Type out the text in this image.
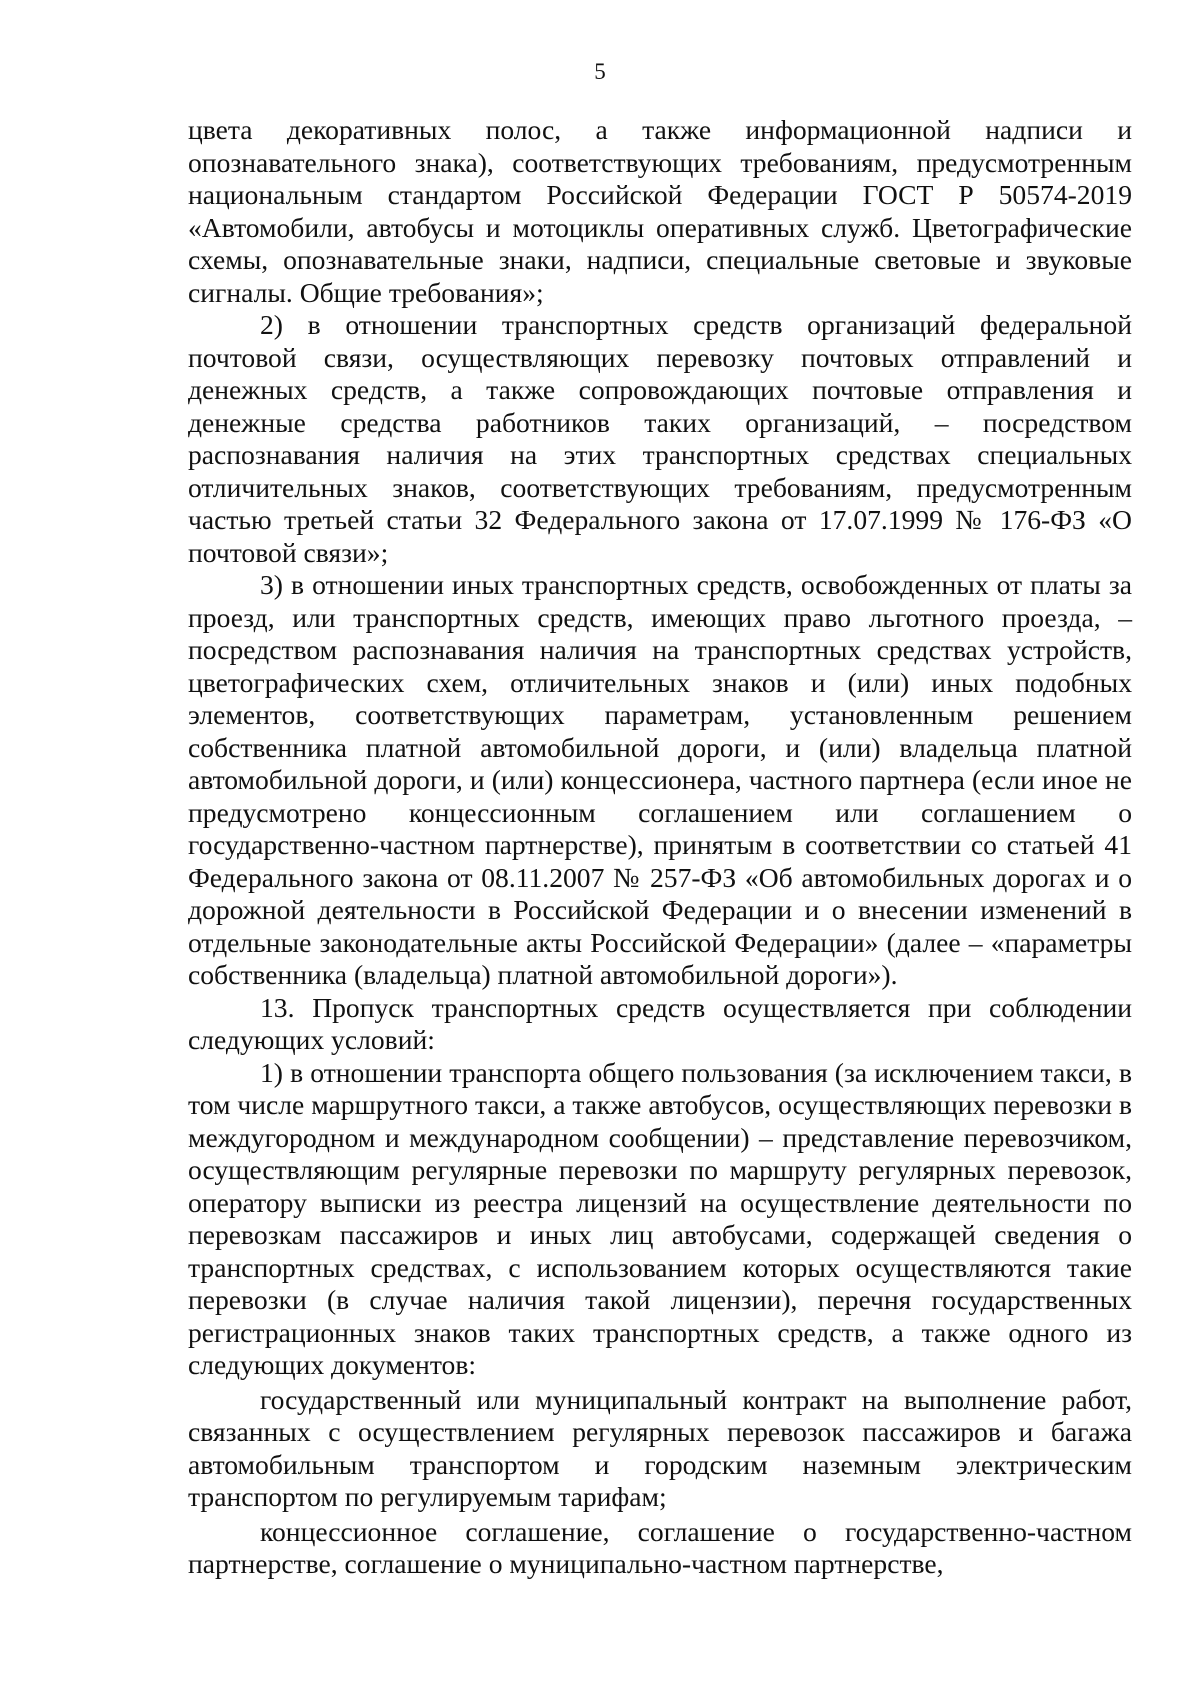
5

цвета декоративных полос, а также информационной надписи и опознавательного знака), соответствующих требованиям, предусмотренным национальным стандартом Российской Федерации ГОСТ Р 50574-2019 «Автомобили, автобусы и мотоциклы оперативных служб. Цветографические схемы, опознавательные знаки, надписи, специальные световые и звуковые сигналы. Общие требования»;

2) в отношении транспортных средств организаций федеральной почтовой связи, осуществляющих перевозку почтовых отправлений и денежных средств, а также сопровождающих почтовые отправления и денежные средства работников таких организаций, – посредством распознавания наличия на этих транспортных средствах специальных отличительных знаков, соответствующих требованиям, предусмотренным частью третьей статьи 32 Федерального закона от 17.07.1999 № 176-ФЗ «О почтовой связи»;

3) в отношении иных транспортных средств, освобожденных от платы за проезд, или транспортных средств, имеющих право льготного проезда, – посредством распознавания наличия на транспортных средствах устройств, цветографических схем, отличительных знаков и (или) иных подобных элементов, соответствующих параметрам, установленным решением собственника платной автомобильной дороги, и (или) владельца платной автомобильной дороги, и (или) концессионера, частного партнера (если иное не предусмотрено концессионным соглашением или соглашением о государственно-частном партнерстве), принятым в соответствии со статьей 41 Федерального закона от 08.11.2007 № 257-ФЗ «Об автомобильных дорогах и о дорожной деятельности в Российской Федерации и о внесении изменений в отдельные законодательные акты Российской Федерации» (далее – «параметры собственника (владельца) платной автомобильной дороги»).

13. Пропуск транспортных средств осуществляется при соблюдении следующих условий:

1) в отношении транспорта общего пользования (за исключением такси, в том числе маршрутного такси, а также автобусов, осуществляющих перевозки в междугородном и международном сообщении) – представление перевозчиком, осуществляющим регулярные перевозки по маршруту регулярных перевозок, оператору выписки из реестра лицензий на осуществление деятельности по перевозкам пассажиров и иных лиц автобусами, содержащей сведения о транспортных средствах, с использованием которых осуществляются такие перевозки (в случае наличия такой лицензии), перечня государственных регистрационных знаков таких транспортных средств, а также одного из следующих документов:

государственный или муниципальный контракт на выполнение работ, связанных с осуществлением регулярных перевозок пассажиров и багажа автомобильным транспортом и городским наземным электрическим транспортом по регулируемым тарифам;

концессионное соглашение, соглашение о государственно-частном партнерстве, соглашение о муниципально-частном партнерстве,
